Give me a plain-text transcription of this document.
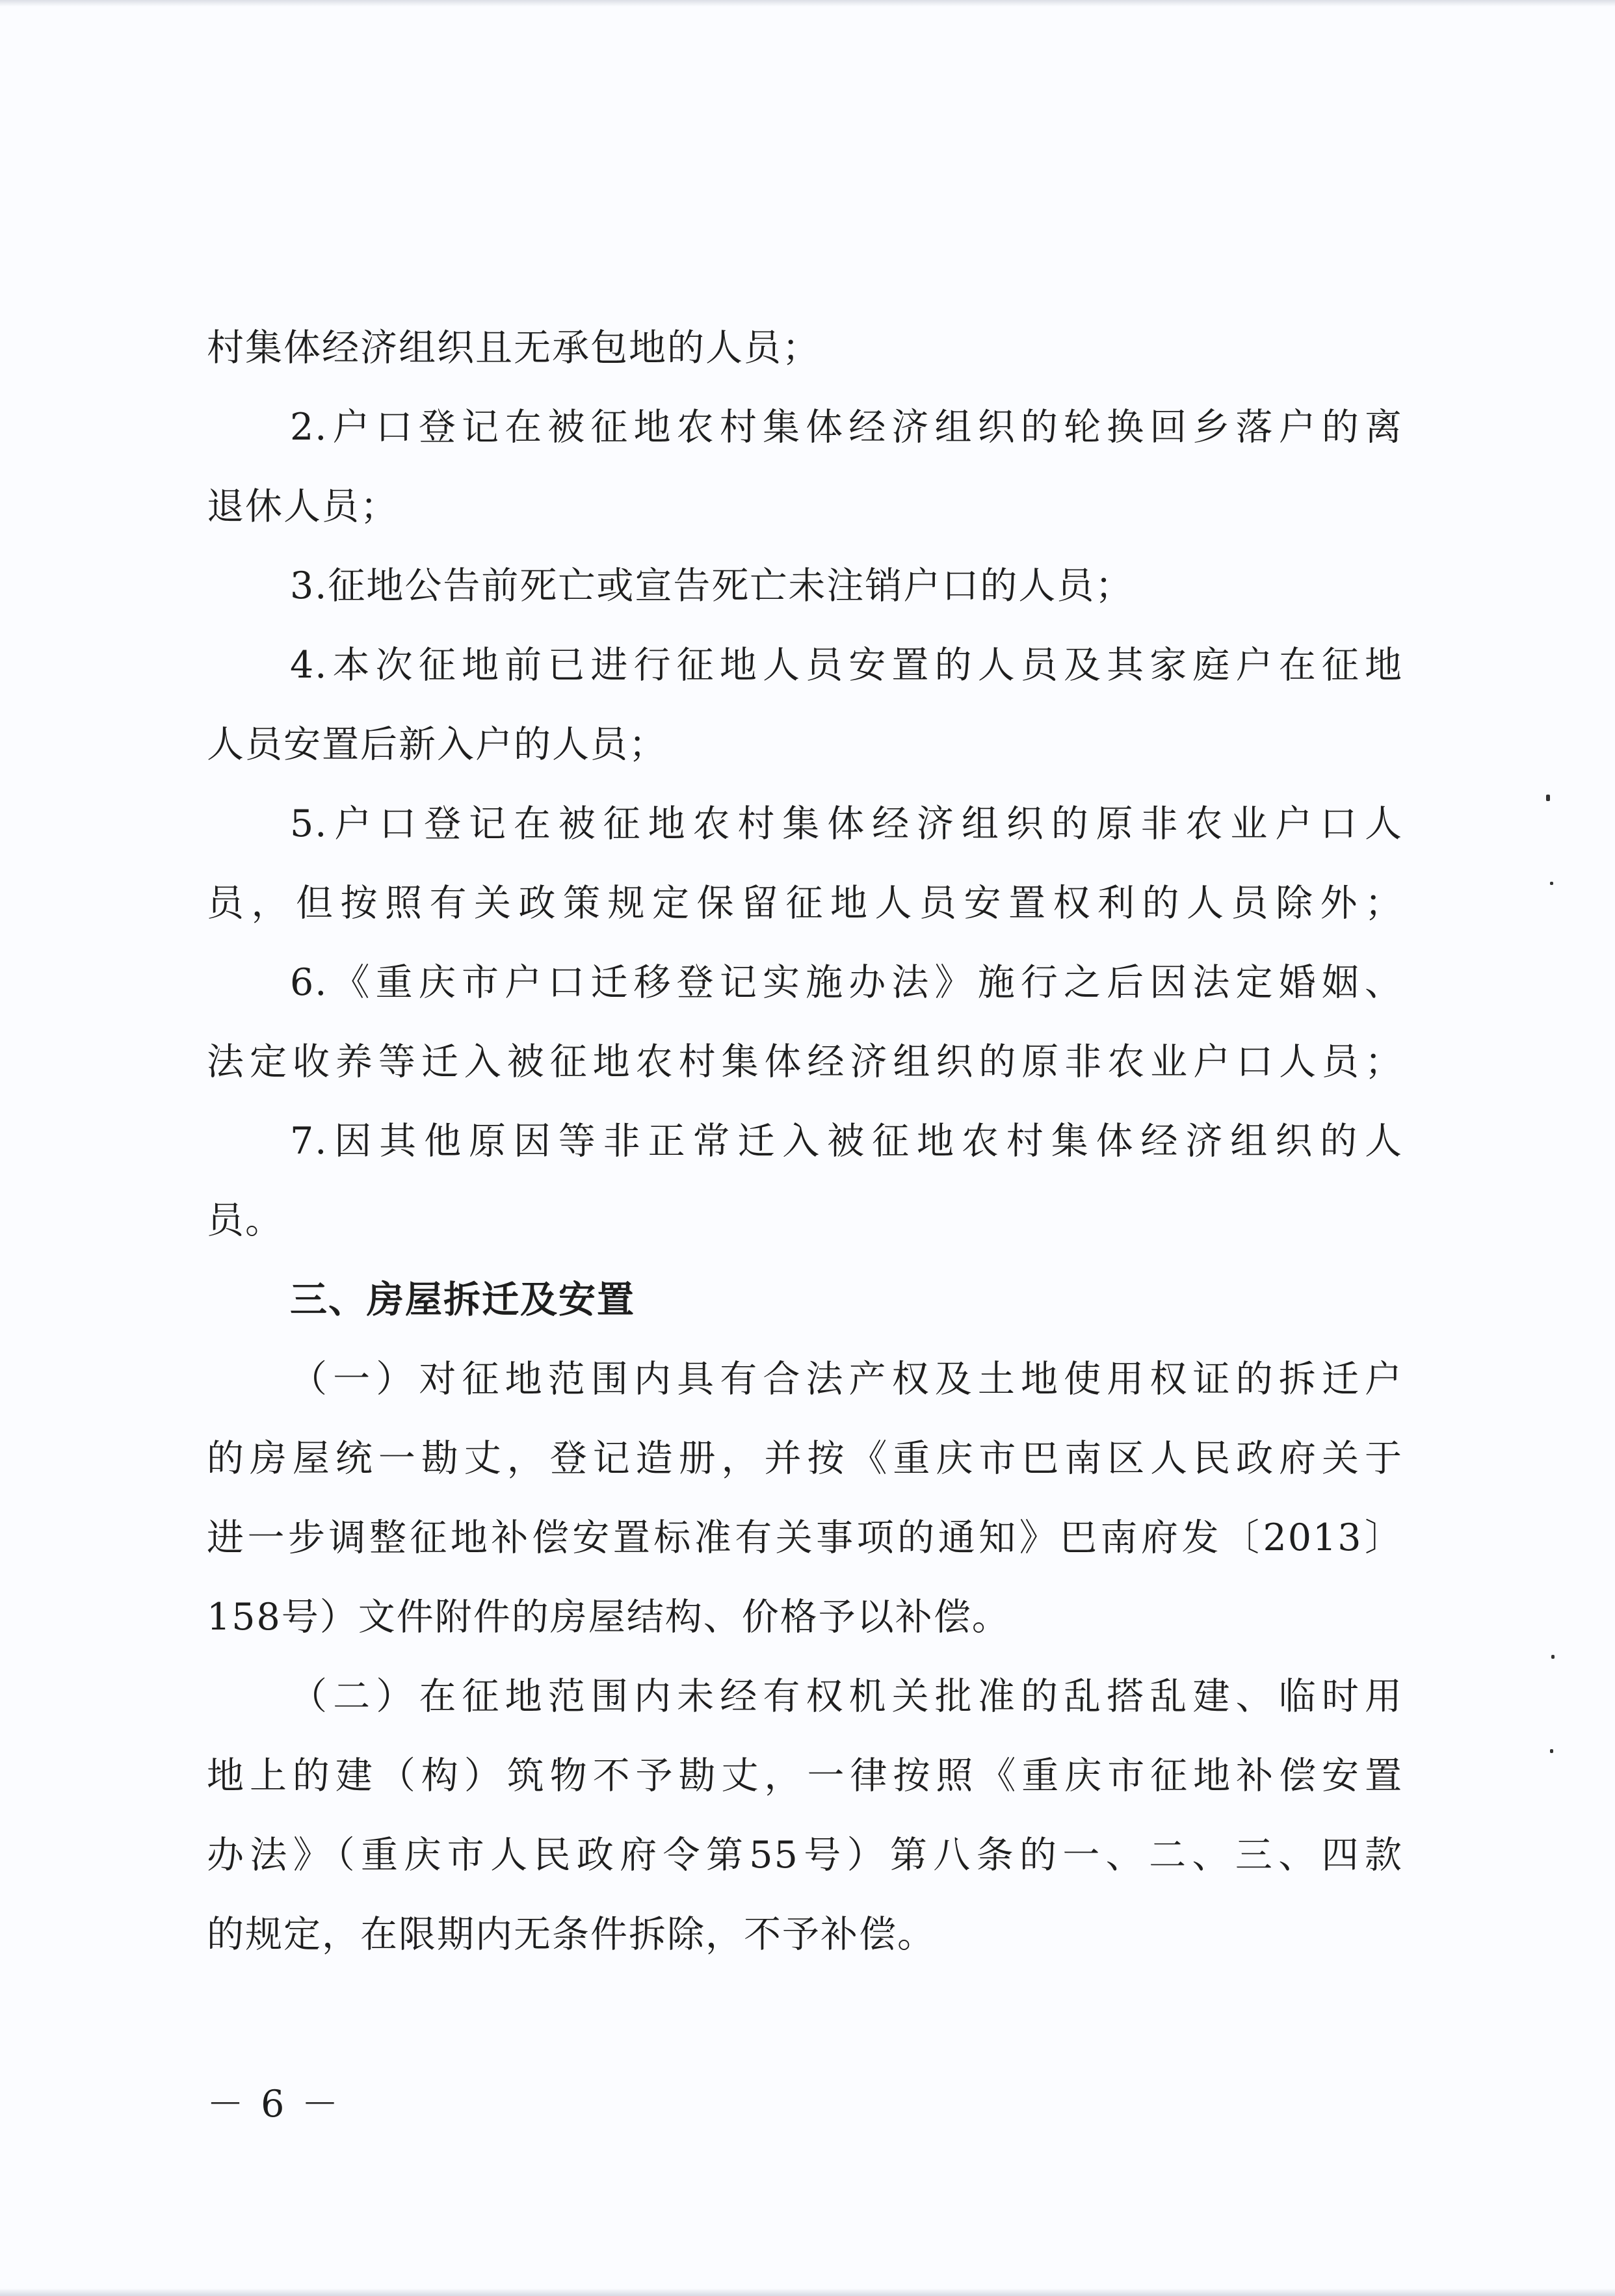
村集体经济组织且无承包地的人员；
2.户口登记在被征地农村集体经济组织的轮换回乡落户的离
退休人员；
3.征地公告前死亡或宣告死亡未注销户口的人员；
4.本次征地前已进行征地人员安置的人员及其家庭户在征地
人员安置后新入户的人员；
5.户口登记在被征地农村集体经济组织的原非农业户口人
员，但按照有关政策规定保留征地人员安置权利的人员除外；
6.《重庆市户口迁移登记实施办法》施行之后因法定婚姻、
法定收养等迁入被征地农村集体经济组织的原非农业户口人员；
7.因其他原因等非正常迁入被征地农村集体经济组织的人
员。
三、房屋拆迁及安置
（一）对征地范围内具有合法产权及土地使用权证的拆迁户
的房屋统一勘丈，登记造册，并按《重庆市巴南区人民政府关于
进一步调整征地补偿安置标准有关事项的通知》巴南府发〔2013〕
158号）文件附件的房屋结构、价格予以补偿。
（二）在征地范围内未经有权机关批准的乱搭乱建、临时用
地上的建（构）筑物不予勘丈，一律按照《重庆市征地补偿安置
办法》（重庆市人民政府令第55号）第八条的一、二、三、四款
的规定，在限期内无条件拆除，不予补偿。
－ 6 －
